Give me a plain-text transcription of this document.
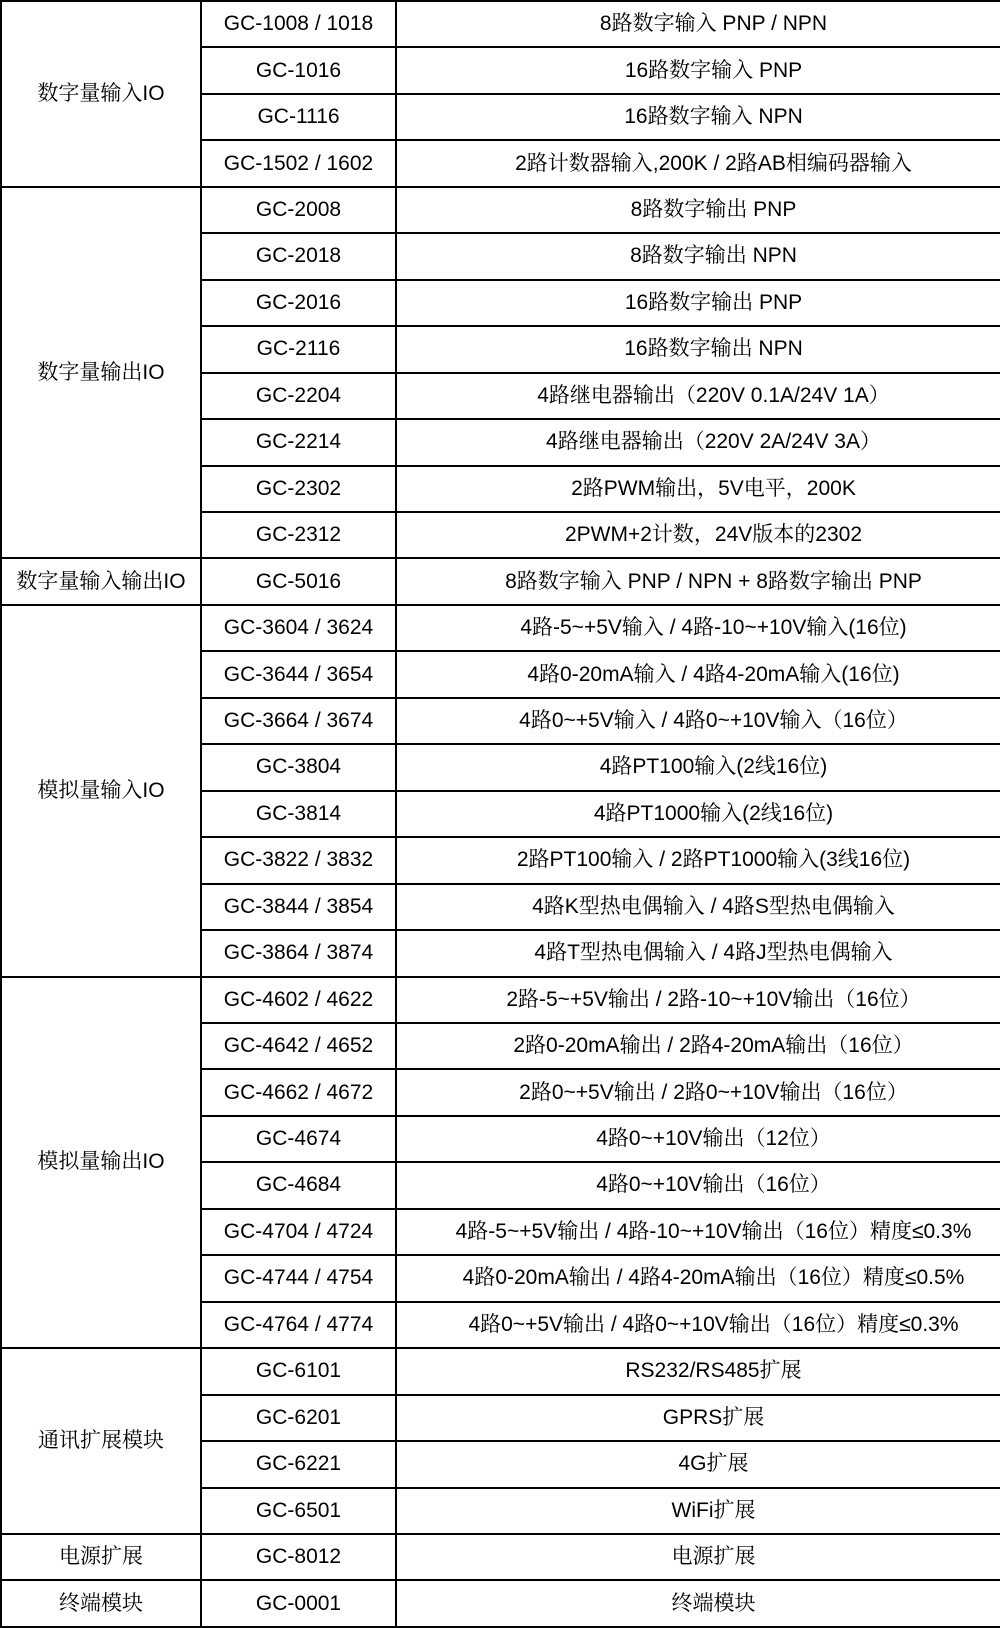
数字量输入IO	GC-1008 / 1018	8路数字输入 PNP / NPN
	GC-1016	16路数字输入 PNP
	GC-1116	16路数字输入 NPN
	GC-1502 / 1602	2路计数器输入,200K / 2路AB相编码器输入
数字量输出IO	GC-2008	8路数字输出 PNP
	GC-2018	8路数字输出 NPN
	GC-2016	16路数字输出 PNP
	GC-2116	16路数字输出 NPN
	GC-2204	4路继电器输出（220V 0.1A/24V 1A）
	GC-2214	4路继电器输出（220V 2A/24V 3A）
	GC-2302	2路PWM输出，5V电平，200K
	GC-2312	2PWM+2计数，24V版本的2302
数字量输入输出IO	GC-5016	8路数字输入 PNP / NPN + 8路数字输出 PNP
模拟量输入IO	GC-3604 / 3624	4路-5~+5V输入 / 4路-10~+10V输入(16位)
	GC-3644 / 3654	4路0-20mA输入 / 4路4-20mA输入(16位)
	GC-3664 / 3674	4路0~+5V输入 / 4路0~+10V输入（16位）
	GC-3804	4路PT100输入(2线16位)
	GC-3814	4路PT1000输入(2线16位)
	GC-3822 / 3832	2路PT100输入 / 2路PT1000输入(3线16位)
	GC-3844 / 3854	4路K型热电偶输入 / 4路S型热电偶输入
	GC-3864 / 3874	4路T型热电偶输入 / 4路J型热电偶输入
模拟量输出IO	GC-4602 / 4622	2路-5~+5V输出 / 2路-10~+10V输出（16位）
	GC-4642 / 4652	2路0-20mA输出 / 2路4-20mA输出（16位）
	GC-4662 / 4672	2路0~+5V输出 / 2路0~+10V输出（16位）
	GC-4674	4路0~+10V输出（12位）
	GC-4684	4路0~+10V输出（16位）
	GC-4704 / 4724	4路-5~+5V输出 / 4路-10~+10V输出（16位）精度≤0.3%
	GC-4744 / 4754	4路0-20mA输出 / 4路4-20mA输出（16位）精度≤0.5%
	GC-4764 / 4774	4路0~+5V输出 / 4路0~+10V输出（16位）精度≤0.3%
通讯扩展模块	GC-6101	RS232/RS485扩展
	GC-6201	GPRS扩展
	GC-6221	4G扩展
	GC-6501	WiFi扩展
电源扩展	GC-8012	电源扩展
终端模块	GC-0001	终端模块
